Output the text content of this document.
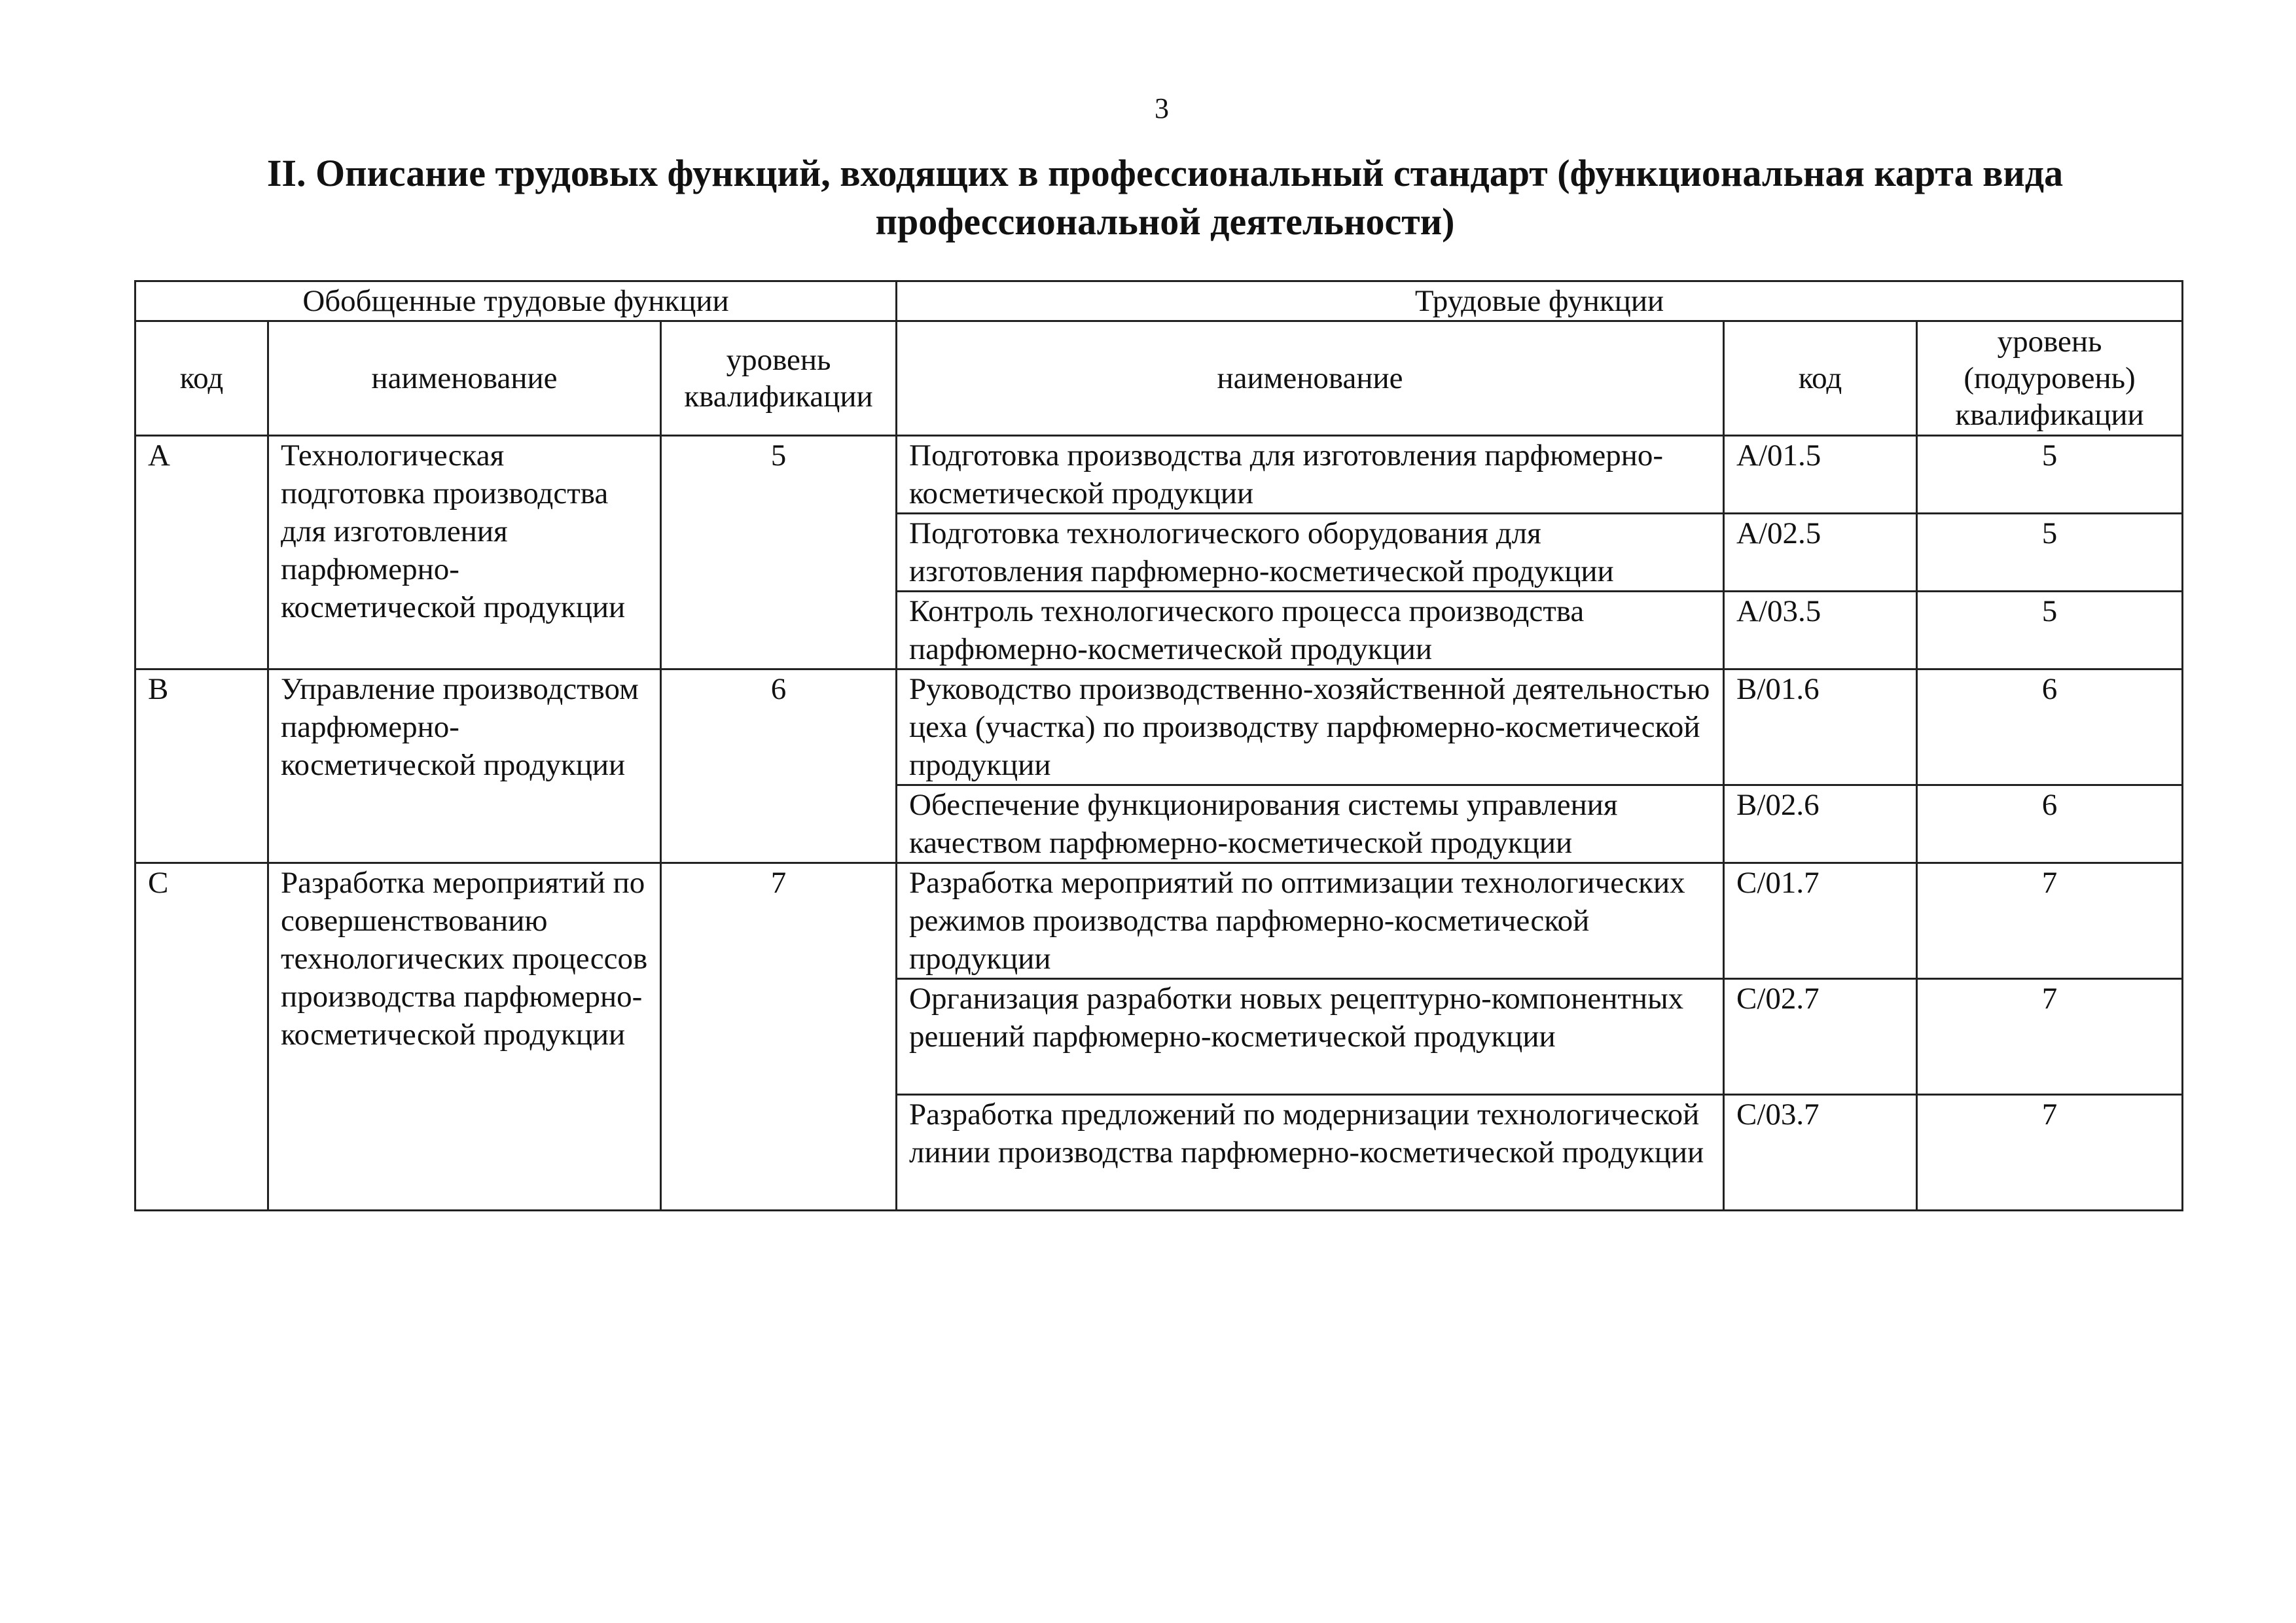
3
II. Описание трудовых функций, входящих в профессиональный стандарт (функциональная карта вида профессиональной деятельности)
Обобщенные трудовые функции			Трудовые функции		
код	наименование	уровень квалификации	наименование	код	уровень (подуровень) квалификации
A	Технологическая подготовка производства для изготовления парфюмерно-косметической продукции	5	Подготовка производства для изготовления парфюмерно-косметической продукции	A/01.5	5
			Подготовка технологического оборудования для изготовления парфюмерно-косметической продукции	A/02.5	5
			Контроль технологического процесса производства парфюмерно-косметической продукции	A/03.5	5
B	Управление производством парфюмерно-косметической продукции	6	Руководство производственно-хозяйственной деятельностью цеха (участка) по производству парфюмерно-косметической продукции	B/01.6	6
			Обеспечение функционирования системы управления качеством парфюмерно-косметической продукции	B/02.6	6
C	Разработка мероприятий по совершенствованию технологических процессов производства парфюмерно-косметической продукции	7	Разработка мероприятий по оптимизации технологических режимов производства парфюмерно-косметической продукции	C/01.7	7
			Организация разработки новых рецептурно-компонентных решений парфюмерно-косметической продукции	C/02.7	7
			Разработка предложений по модернизации технологической линии производства парфюмерно-косметической продукции	C/03.7	7
